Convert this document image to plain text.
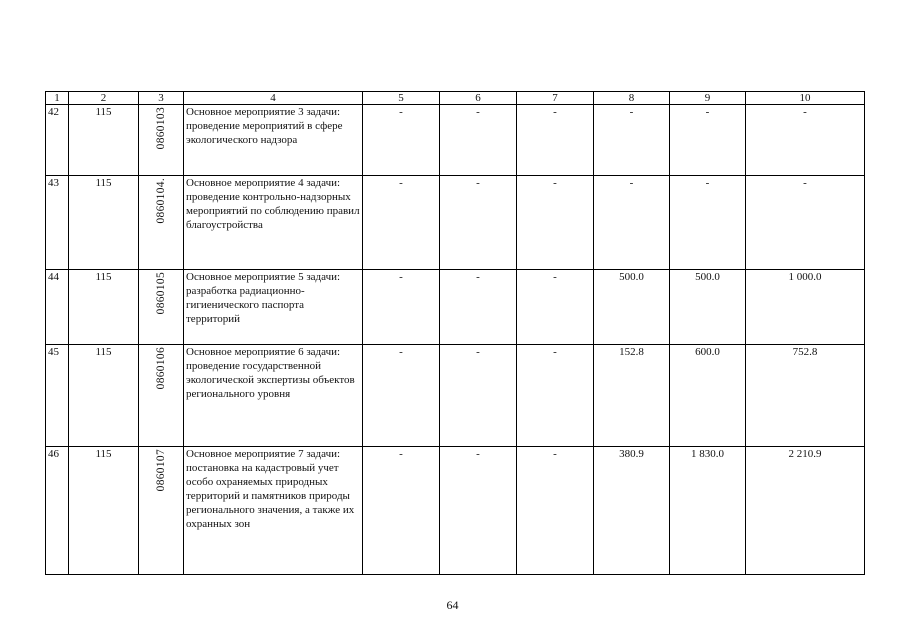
1	2	3	4	5	6	7	8	9	10
42	115	0860103	Основное мероприятие 3 задачи: проведение мероприятий в сфере экологического надзора	-	-	-	-	-	-
43	115	0860104.	Основное мероприятие 4 задачи: проведение контрольно-надзорных мероприятий по соблюдению правил благоустройства	-	-	-	-	-	-
44	115	0860105	Основное мероприятие 5 задачи: разработка радиационно-гигиенического паспорта территорий	-	-	-	500.0	500.0	1 000.0
45	115	0860106	Основное мероприятие 6 задачи: проведение государственной экологической экспертизы объектов регионального уровня	-	-	-	152.8	600.0	752.8
46	115	0860107	Основное мероприятие 7 задачи: постановка на кадастровый учет особо охраняемых природных территорий и памятников природы регионального значения, а также их охранных зон	-	-	-	380.9	1 830.0	2 210.9
64
